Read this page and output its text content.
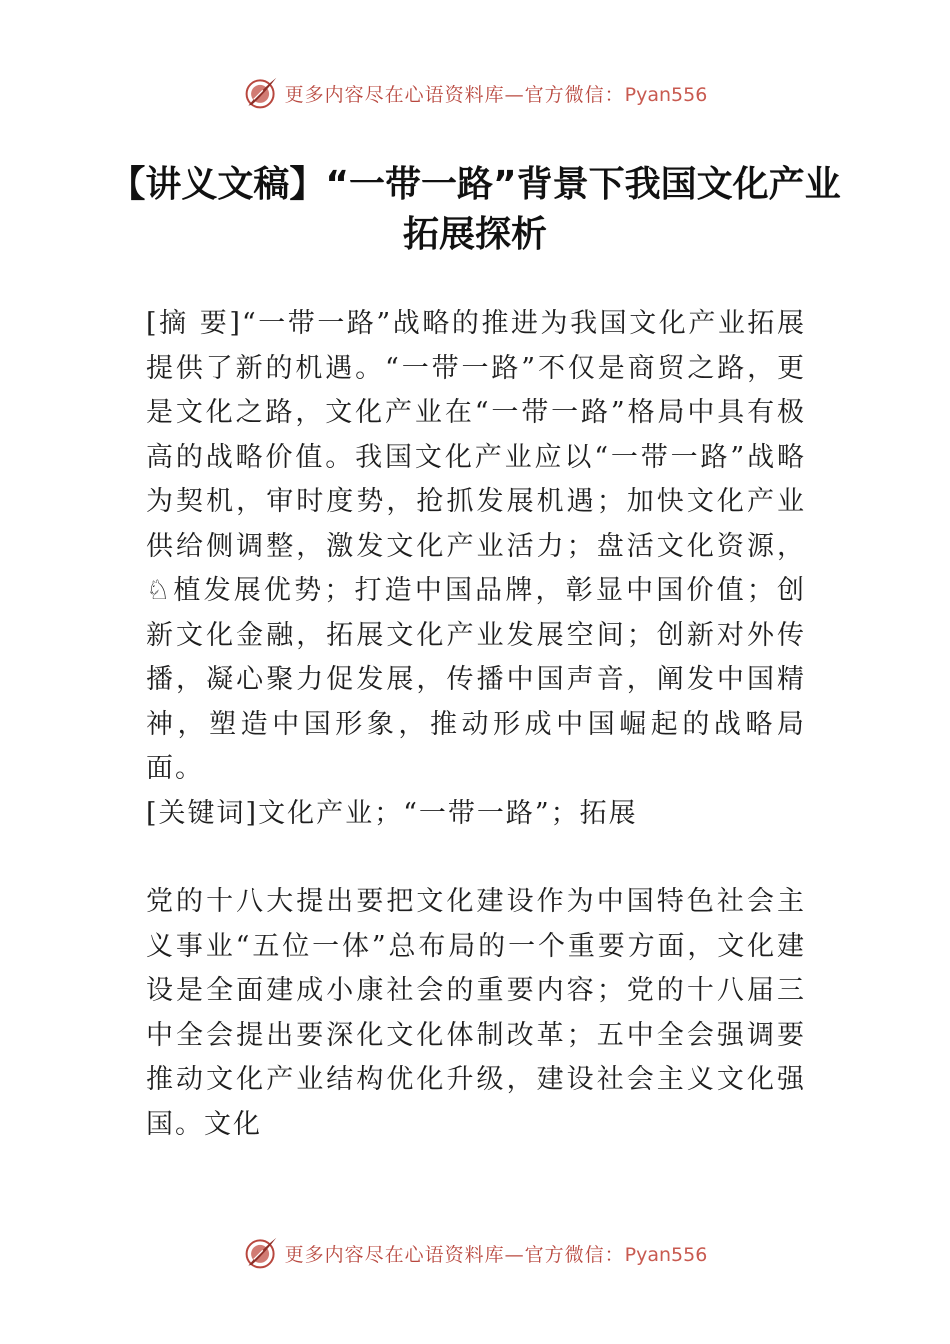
更多内容尽在心语资料库—官方微信：Pyan556
【讲义文稿】“一带一路”背景下我国文化产业拓展探析

[摘 要]“一带一路”战略的推进为我国文化产业拓展提供了新的机遇。“一带一路”不仅是商贸之路，更是文化之路，文化产业在“一带一路”格局中具有极高的战略价值。我国文化产业应以“一带一路”战略为契机，审时度势，抢抓发展机遇；加快文化产业供给侧调整，激发文化产业活力；盘活文化资源，♘植发展优势；打造中国品牌，彰显中国价值；创新文化金融，拓展文化产业发展空间；创新对外传播，凝心聚力促发展，传播中国声音，阐发中国精神，塑造中国形象，推动形成中国崛起的战略局面。

[关键词]文化产业；“一带一路”；拓展

党的十八大提出要把文化建设作为中国特色社会主义事业“五位一体”总布局的一个重要方面，文化建设是全面建成小康社会的重要内容；党的十八届三中全会提出要深化文化体制改革；五中全会强调要推动文化产业结构优化升级，建设社会主义文化强国。文化

更多内容尽在心语资料库—官方微信：Pyan556
